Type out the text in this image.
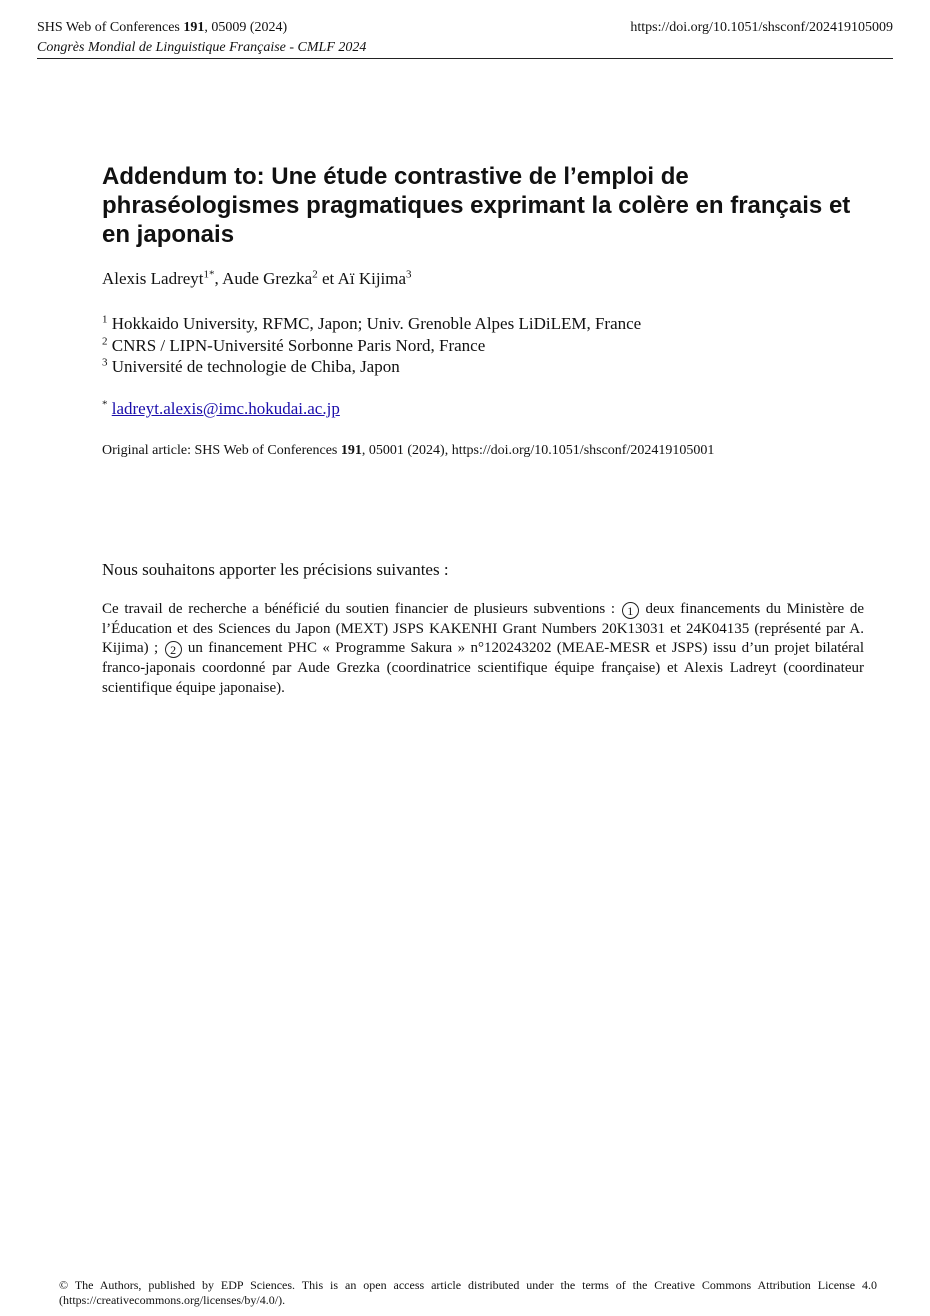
SHS Web of Conferences 191, 05009 (2024)
Congrès Mondial de Linguistique Française - CMLF 2024
https://doi.org/10.1051/shsconf/202419105009
Addendum to: Une étude contrastive de l’emploi de phraséologismes pragmatiques exprimant la colère en français et en japonais
Alexis Ladreyt$^{1*}$, Aude Grezka$^2$ et Aï Kijima$^3$
$^1$ Hokkaido University, RFMC, Japon; Univ. Grenoble Alpes LiDiLEM, France
$^2$ CNRS / LIPN-Université Sorbonne Paris Nord, France
$^3$ Université de technologie de Chiba, Japon
* ladreyt.alexis@imc.hokudai.ac.jp
Original article: SHS Web of Conferences 191, 05001 (2024), https://doi.org/10.1051/shsconf/202419105001
Nous souhaitons apporter les précisions suivantes :
Ce travail de recherche a bénéficié du soutien financier de plusieurs subventions : 1 deux financements du Ministère de l’Éducation et des Sciences du Japon (MEXT) JSPS KAKENHI Grant Numbers 20K13031 et 24K04135 (représenté par A. Kijima) ; 2 un financement PHC « Programme Sakura » n°120243202 (MEAE-MESR et JSPS) issu d’un projet bilatéral franco-japonais coordonné par Aude Grezka (coordinatrice scientifique équipe française) et Alexis Ladreyt (coordinateur scientifique équipe japonaise).
© The Authors, published by EDP Sciences. This is an open access article distributed under the terms of the Creative Commons Attribution License 4.0
(https://creativecommons.org/licenses/by/4.0/).
